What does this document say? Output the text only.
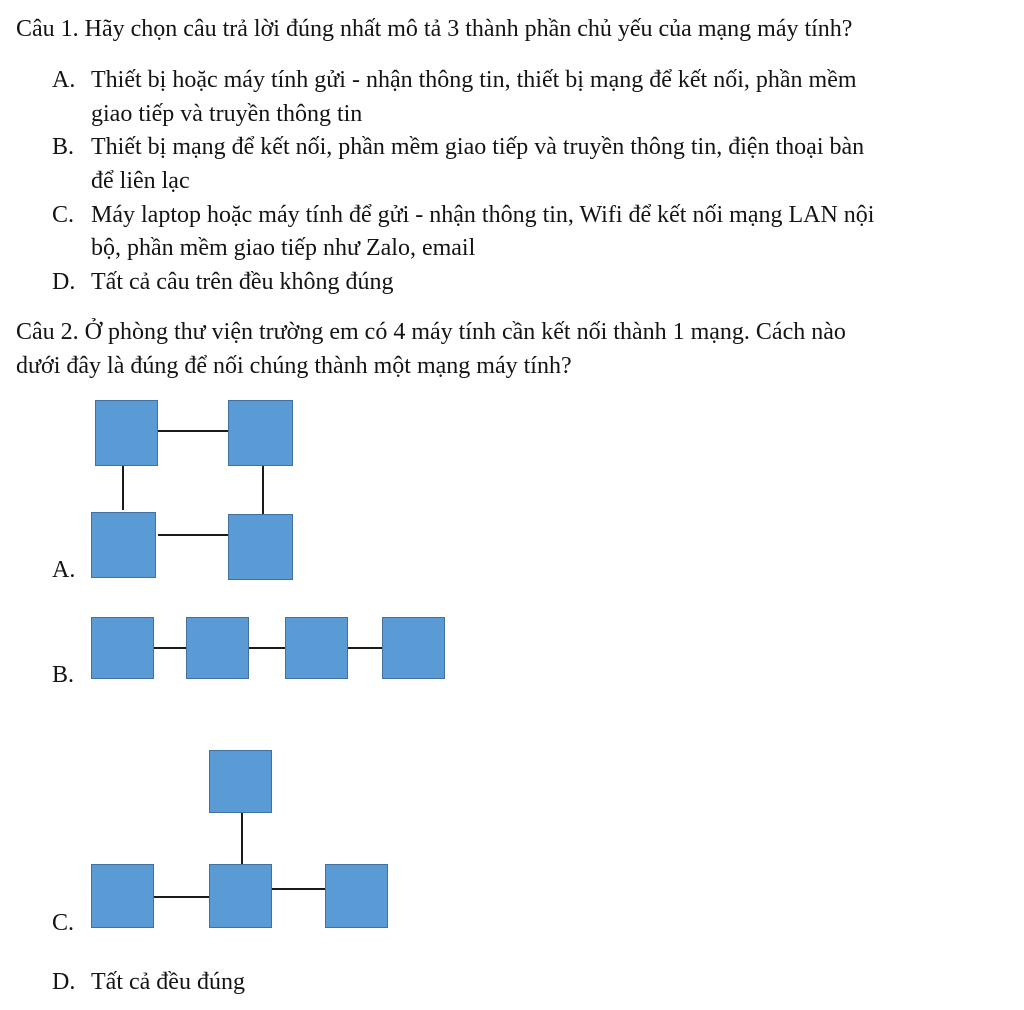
Câu 1. Hãy chọn câu trả lời đúng nhất mô tả 3 thành phần chủ yếu của mạng máy tính?
A. Thiết bị hoặc máy tính gửi - nhận thông tin, thiết bị mạng để kết nối, phần mềm
giao tiếp và truyền thông tin
B. Thiết bị mạng để kết nối, phần mềm giao tiếp và truyền thông tin, điện thoại bàn
để liên lạc
C. Máy laptop hoặc máy tính để gửi - nhận thông tin, Wifi để kết nối mạng LAN nội
bộ, phần mềm giao tiếp như Zalo, email
D. Tất cả câu trên đều không đúng
Câu 2. Ở phòng thư viện trường em có 4 máy tính cần kết nối thành 1 mạng. Cách nào
dưới đây là đúng để nối chúng thành một mạng máy tính?
A.
B.
C.
D. Tất cả đều đúng
